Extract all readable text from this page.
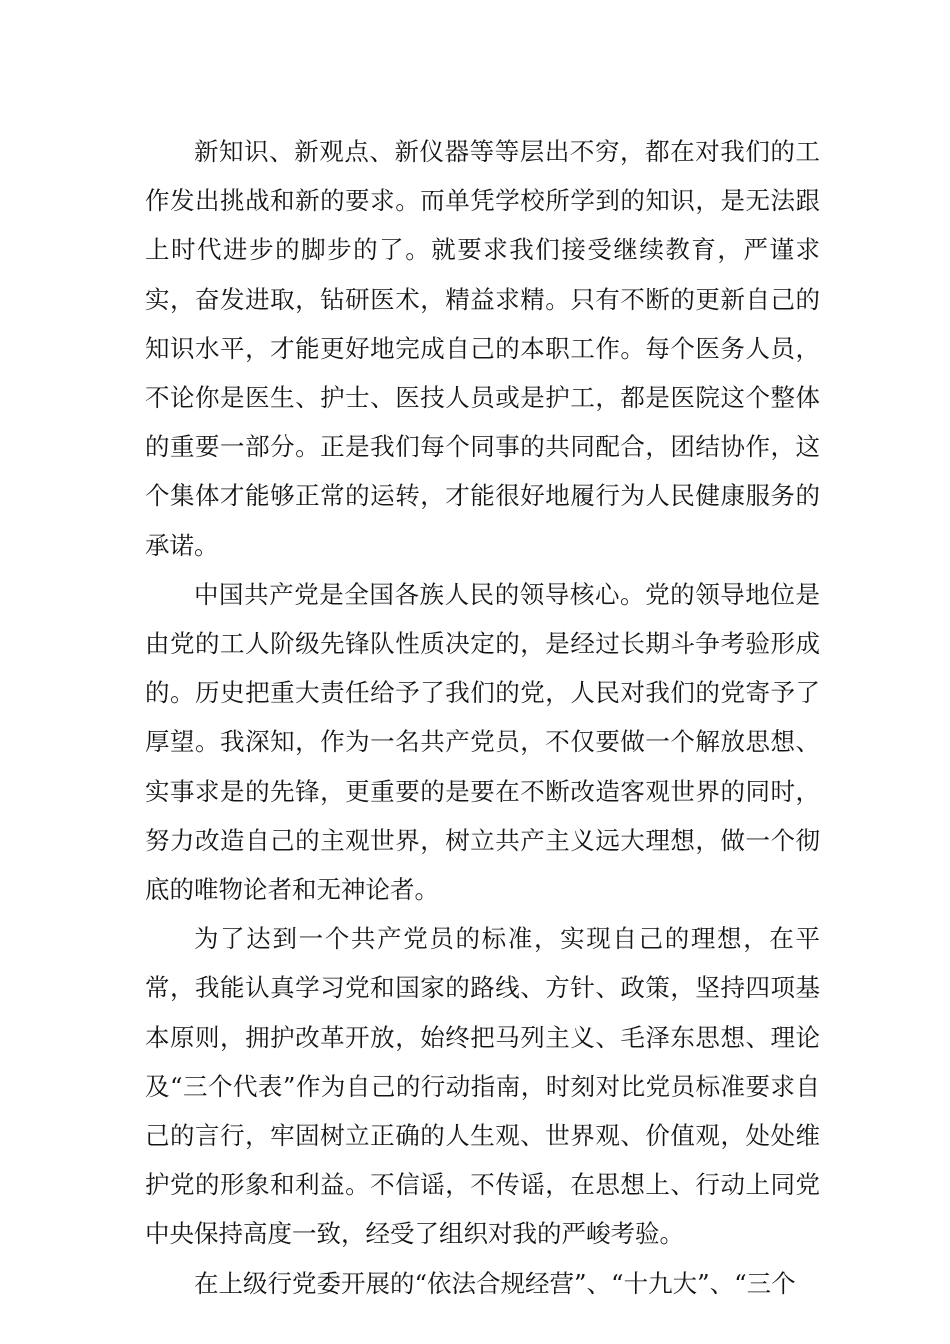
新知识、新观点、新仪器等等层出不穷，都在对我们的工作发出挑战和新的要求。而单凭学校所学到的知识，是无法跟上时代进步的脚步的了。就要求我们接受继续教育，严谨求实，奋发进取，钻研医术，精益求精。只有不断的更新自己的知识水平，才能更好地完成自己的本职工作。每个医务人员，不论你是医生、护士、医技人员或是护工，都是医院这个整体的重要一部分。正是我们每个同事的共同配合，团结协作，这个集体才能够正常的运转，才能很好地履行为人民健康服务的承诺。

中国共产党是全国各族人民的领导核心。党的领导地位是由党的工人阶级先锋队性质决定的，是经过长期斗争考验形成的。历史把重大责任给予了我们的党，人民对我们的党寄予了厚望。我深知，作为一名共产党员，不仅要做一个解放思想、实事求是的先锋，更重要的是要在不断改造客观世界的同时，努力改造自己的主观世界，树立共产主义远大理想，做一个彻底的唯物论者和无神论者。

为了达到一个共产党员的标准，实现自己的理想，在平常，我能认真学习党和国家的路线、方针、政策，坚持四项基本原则，拥护改革开放，始终把马列主义、毛泽东思想、理论及“三个代表”作为自己的行动指南，时刻对比党员标准要求自己的言行，牢固树立正确的人生观、世界观、价值观，处处维护党的形象和利益。不信谣，不传谣，在思想上、行动上同党中央保持高度一致，经受了组织对我的严峻考验。

在上级行党委开展的“依法合规经营”、“十九大”、“三个
